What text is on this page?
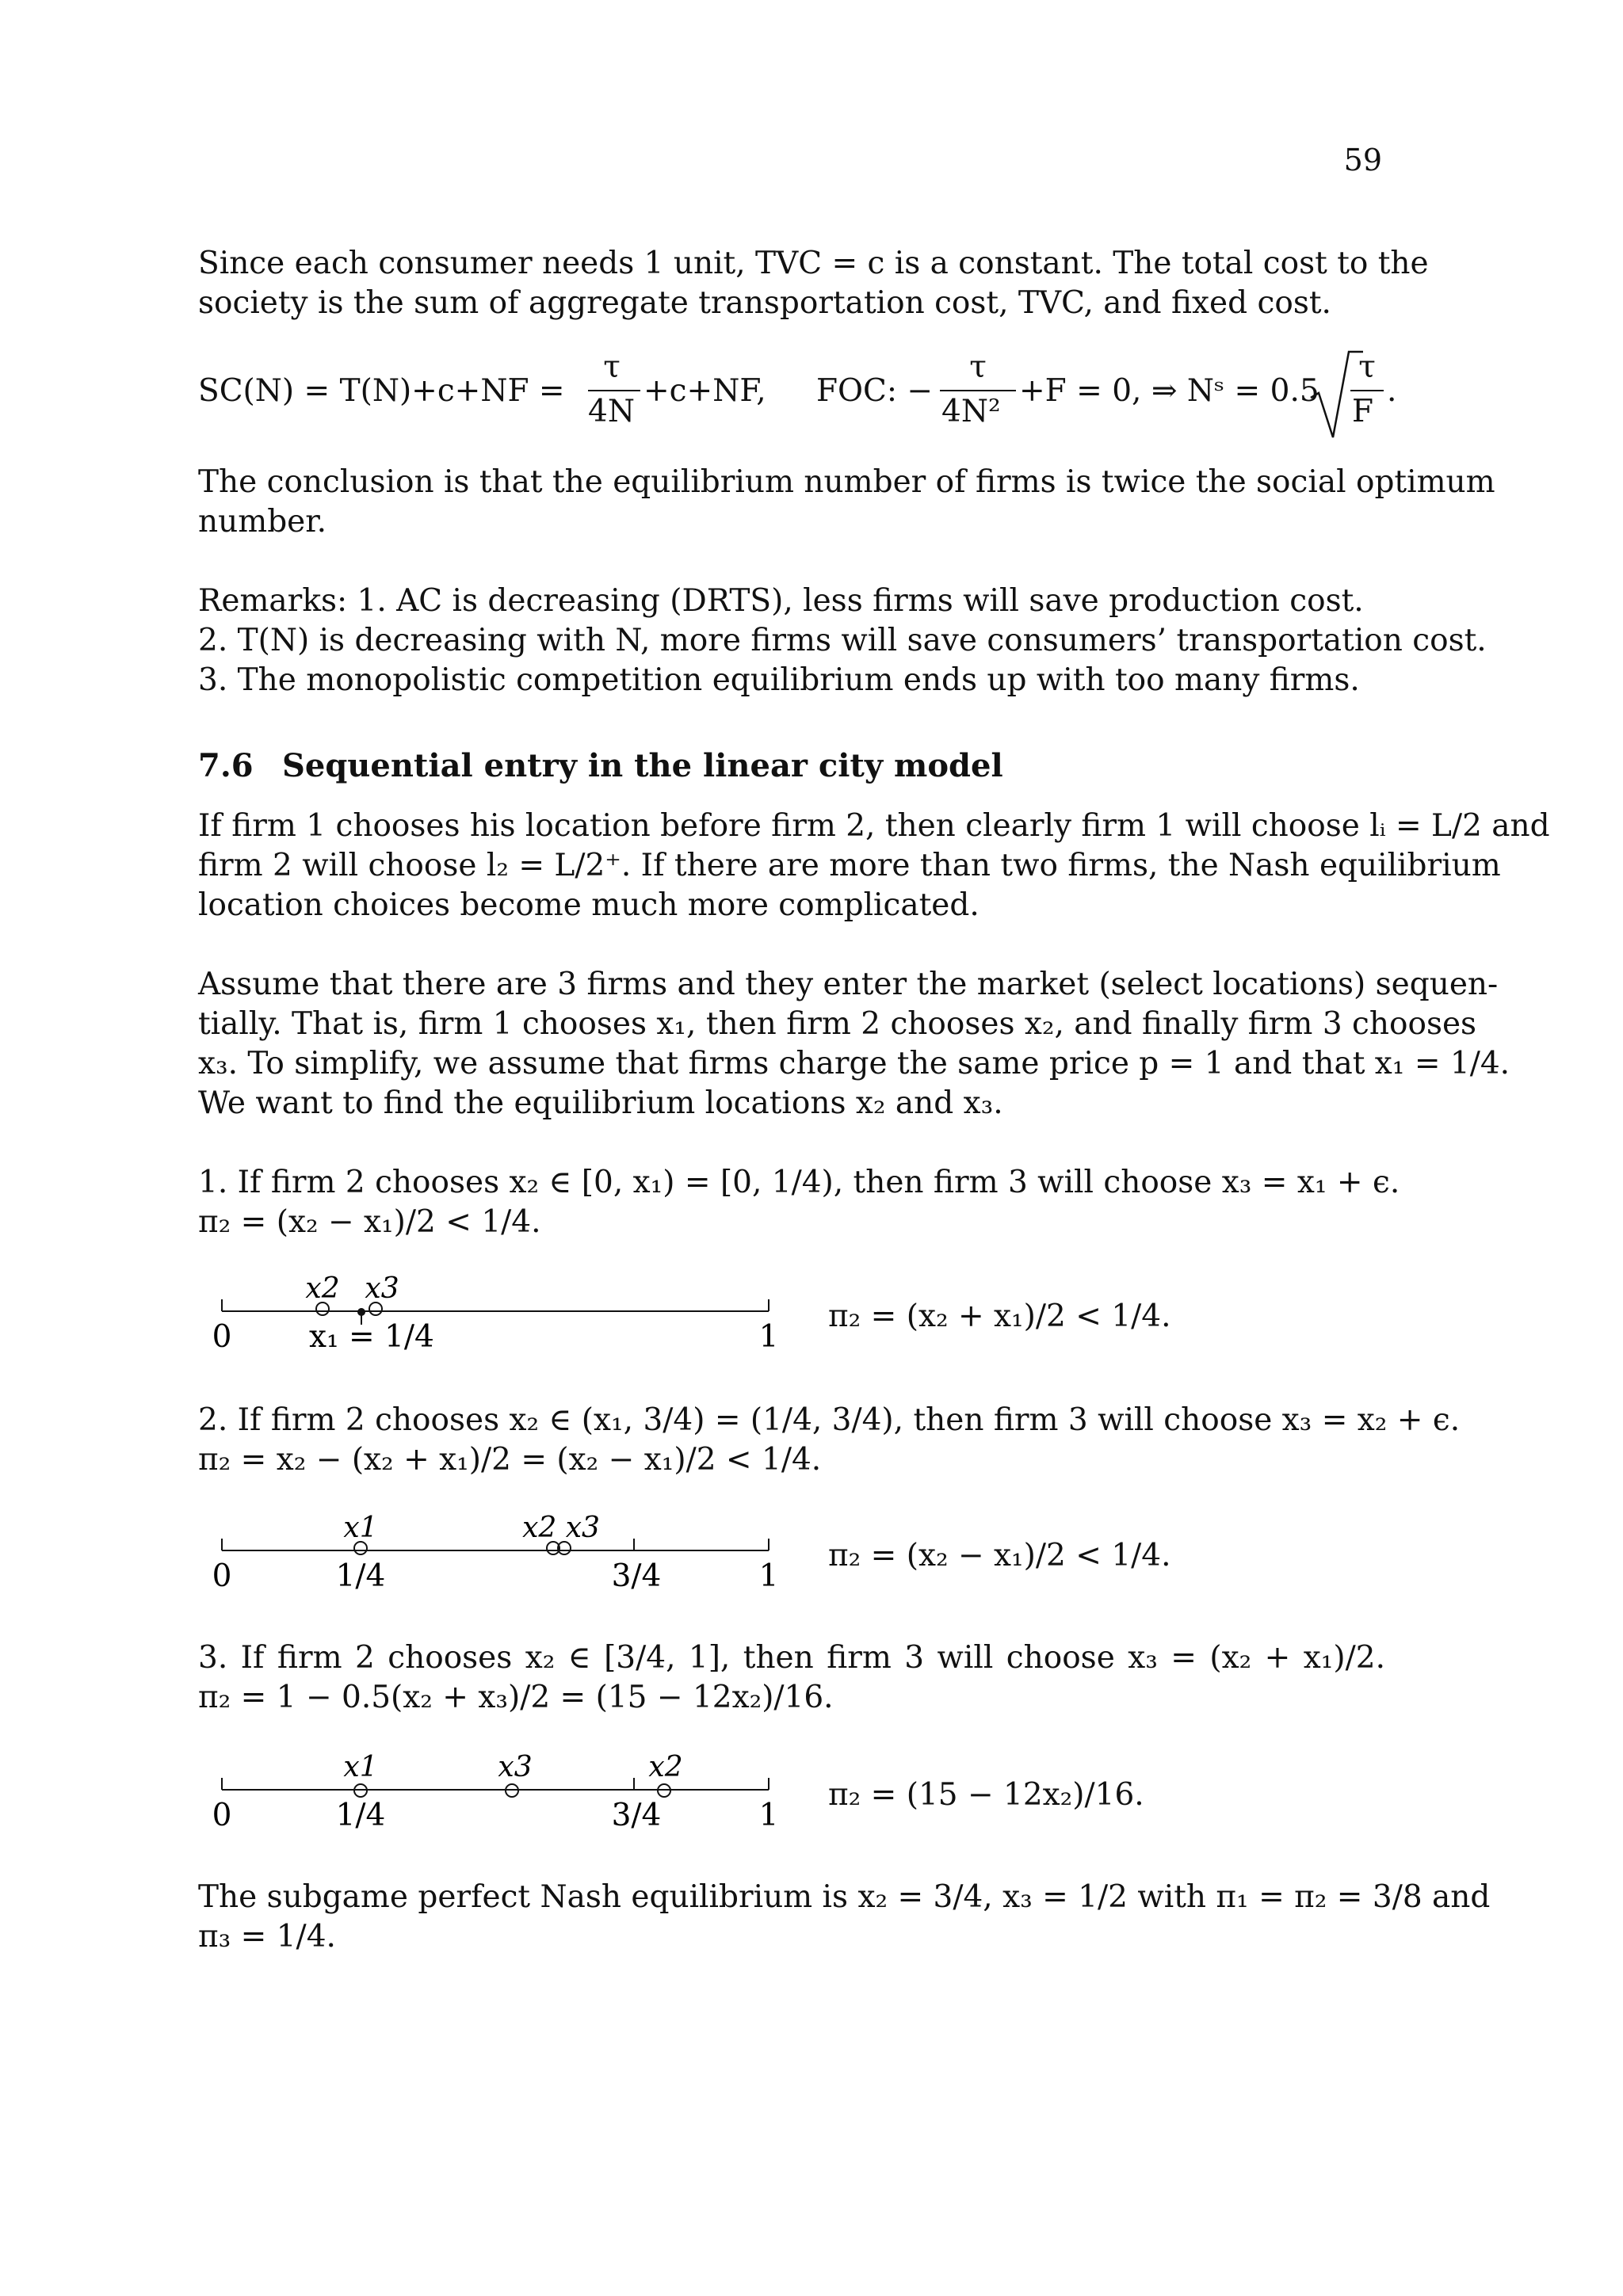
59
Since each consumer needs 1 unit, TVC = c is a constant. The total cost to the
society is the sum of aggregate transportation cost, TVC, and fixed cost.
SC(N) = T(N)+c+NF =
τ
4N
+c+NF, FOC: −
τ
4N²
+F = 0, ⇒ Nˢ = 0.5
τ
F
.
The conclusion is that the equilibrium number of firms is twice the social optimum
number.
Remarks: 1. AC is decreasing (DRTS), less firms will save production cost.
2. T(N) is decreasing with N, more firms will save consumers’ transportation cost.
3. The monopolistic competition equilibrium ends up with too many firms.
7.6 Sequential entry in the linear city model
If firm 1 chooses his location before firm 2, then clearly firm 1 will choose lᵢ = L/2 and
firm 2 will choose l₂ = L/2⁺. If there are more than two firms, the Nash equilibrium
location choices become much more complicated.
Assume that there are 3 firms and they enter the market (select locations) sequen-
tially. That is, firm 1 chooses x₁, then firm 2 chooses x₂, and finally firm 3 chooses
x₃. To simplify, we assume that firms charge the same price p = 1 and that x₁ = 1/4.
We want to find the equilibrium locations x₂ and x₃.
1. If firm 2 chooses x₂ ∈ [0, x₁) = [0, 1/4), then firm 3 will choose x₃ = x₁ + ϵ.
π₂ = (x₂ − x₁)/2 < 1/4.
0	1
x2 x3
x₁ = 1/4
π₂ = (x₂ + x₁)/2 < 1/4.
2. If firm 2 chooses x₂ ∈ (x₁, 3/4) = (1/4, 3/4), then firm 3 will choose x₃ = x₂ + ϵ.
π₂ = x₂ − (x₂ + x₁)/2 = (x₂ − x₁)/2 < 1/4.
0	1
x1	x2 x3
1/4	3/4
π₂ = (x₂ − x₁)/2 < 1/4.
3. If firm 2 chooses x₂ ∈ [3/4, 1], then firm 3 will choose x₃ = (x₂ + x₁)/2.
π₂ = 1 − 0.5(x₂ + x₃)/2 = (15 − 12x₂)/16.
0	1
x1	x3	x2
1/4	3/4
π₂ = (15 − 12x₂)/16.
The subgame perfect Nash equilibrium is x₂ = 3/4, x₃ = 1/2 with π₁ = π₂ = 3/8 and
π₃ = 1/4.
